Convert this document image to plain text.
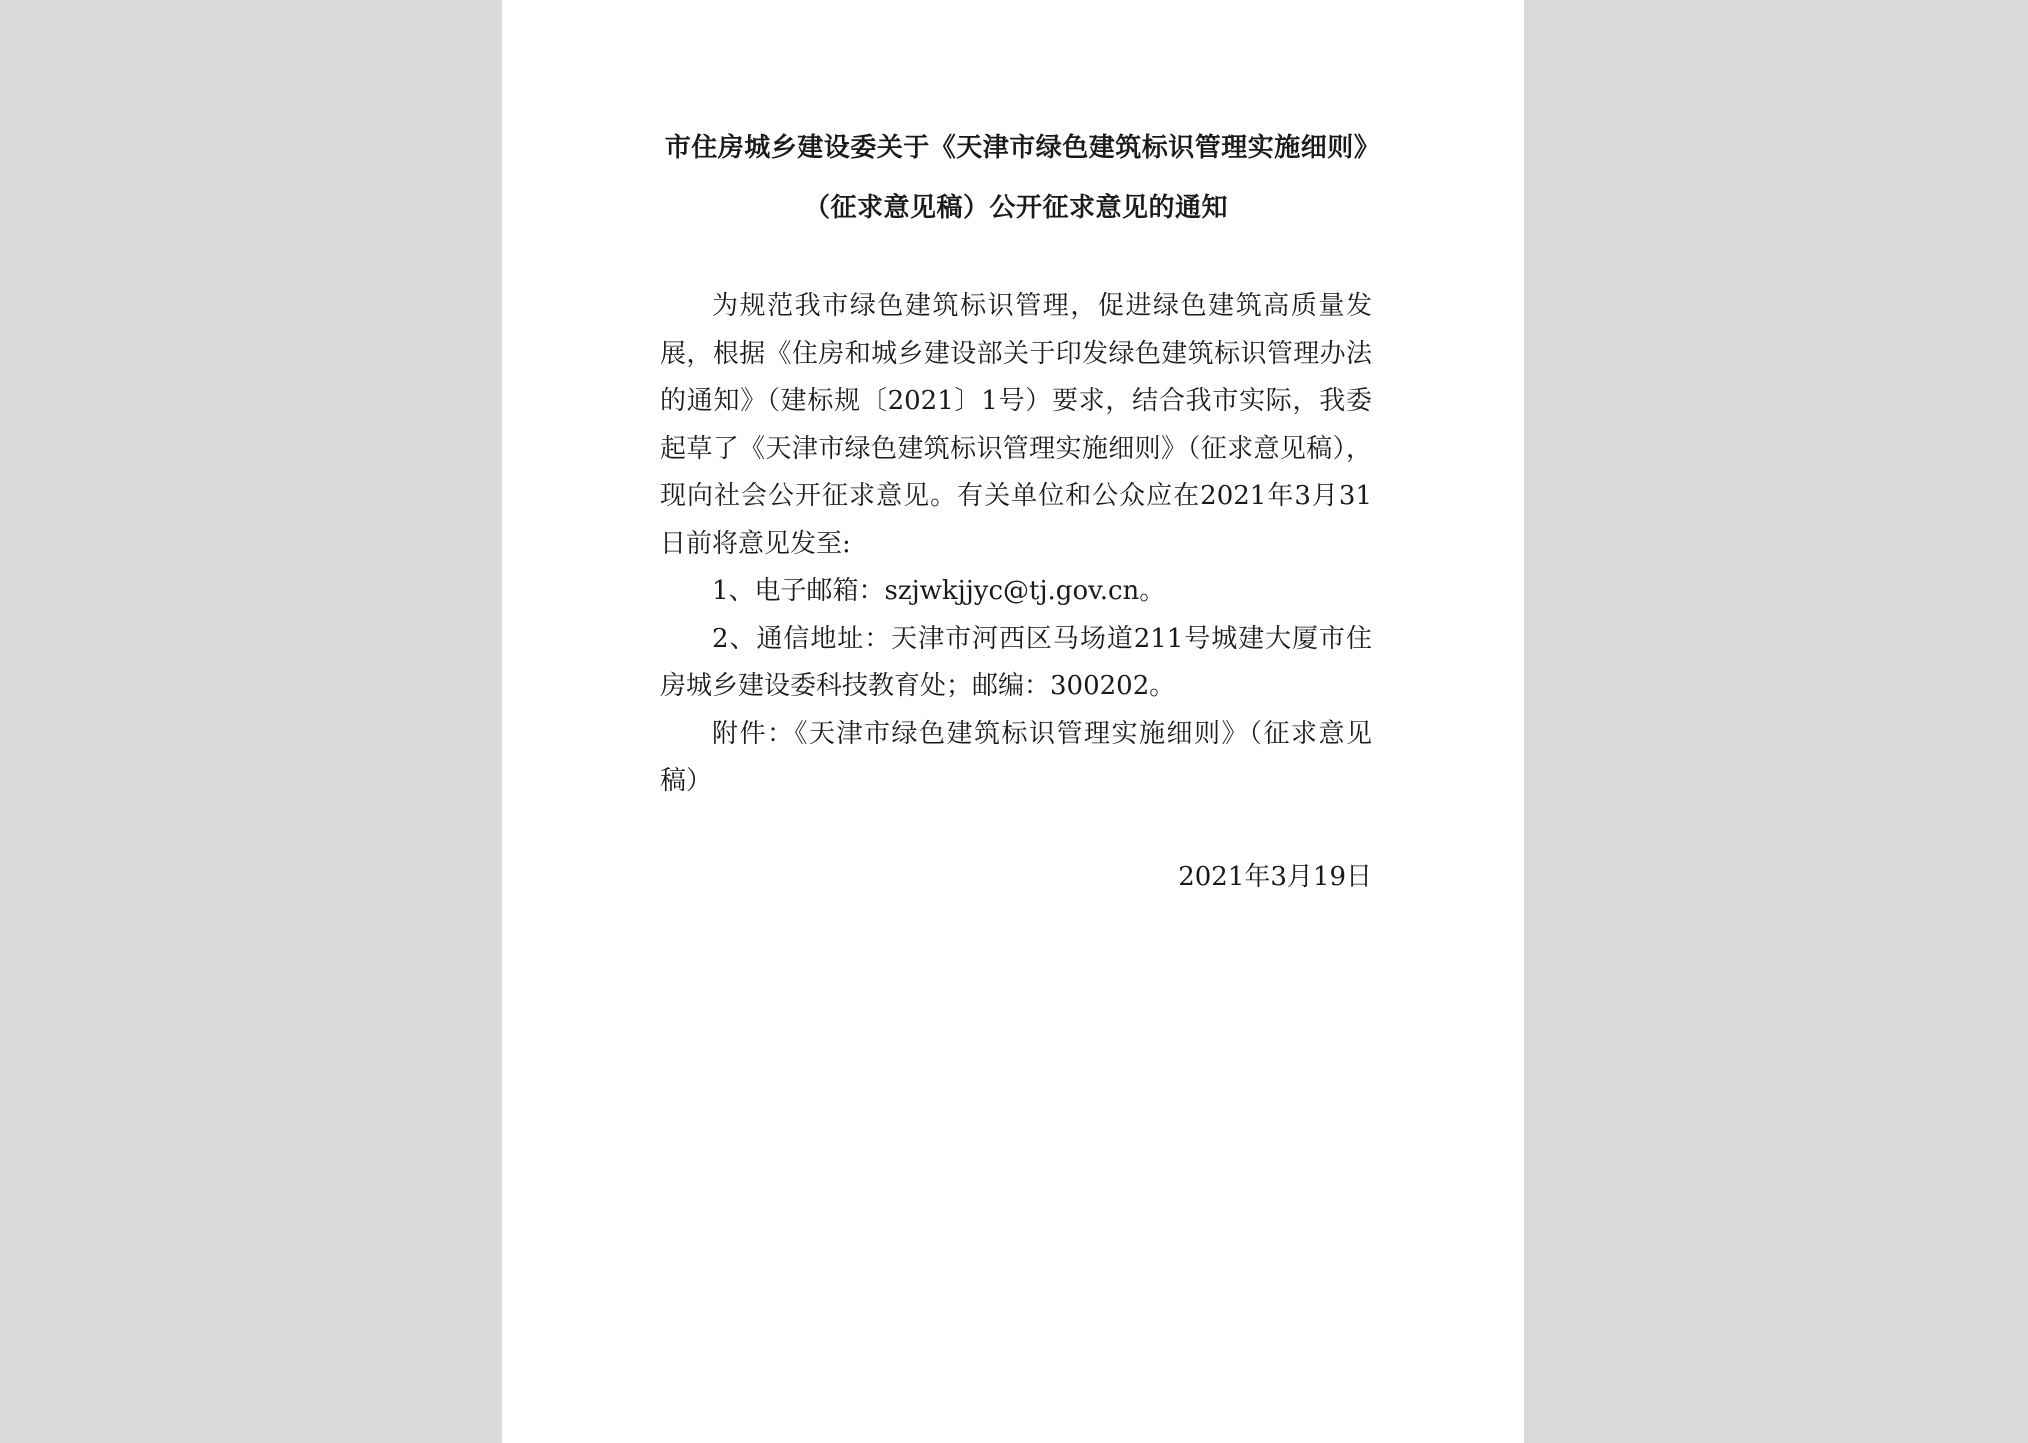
市住房城乡建设委关于《天津市绿色建筑标识管理实施细则》（征求意见稿）公开征求意见的通知

为规范我市绿色建筑标识管理，促进绿色建筑高质量发展，根据《住房和城乡建设部关于印发绿色建筑标识管理办法的通知》（建标规〔2021〕1号）要求，结合我市实际，我委起草了《天津市绿色建筑标识管理实施细则》（征求意见稿），现向社会公开征求意见。有关单位和公众应在2021年3月31日前将意见发至:

1、电子邮箱：szjwkjjyc@tj.gov.cn。

2、通信地址：天津市河西区马场道211号城建大厦市住房城乡建设委科技教育处；邮编：300202。

附件：《天津市绿色建筑标识管理实施细则》（征求意见稿）

2021年3月19日
